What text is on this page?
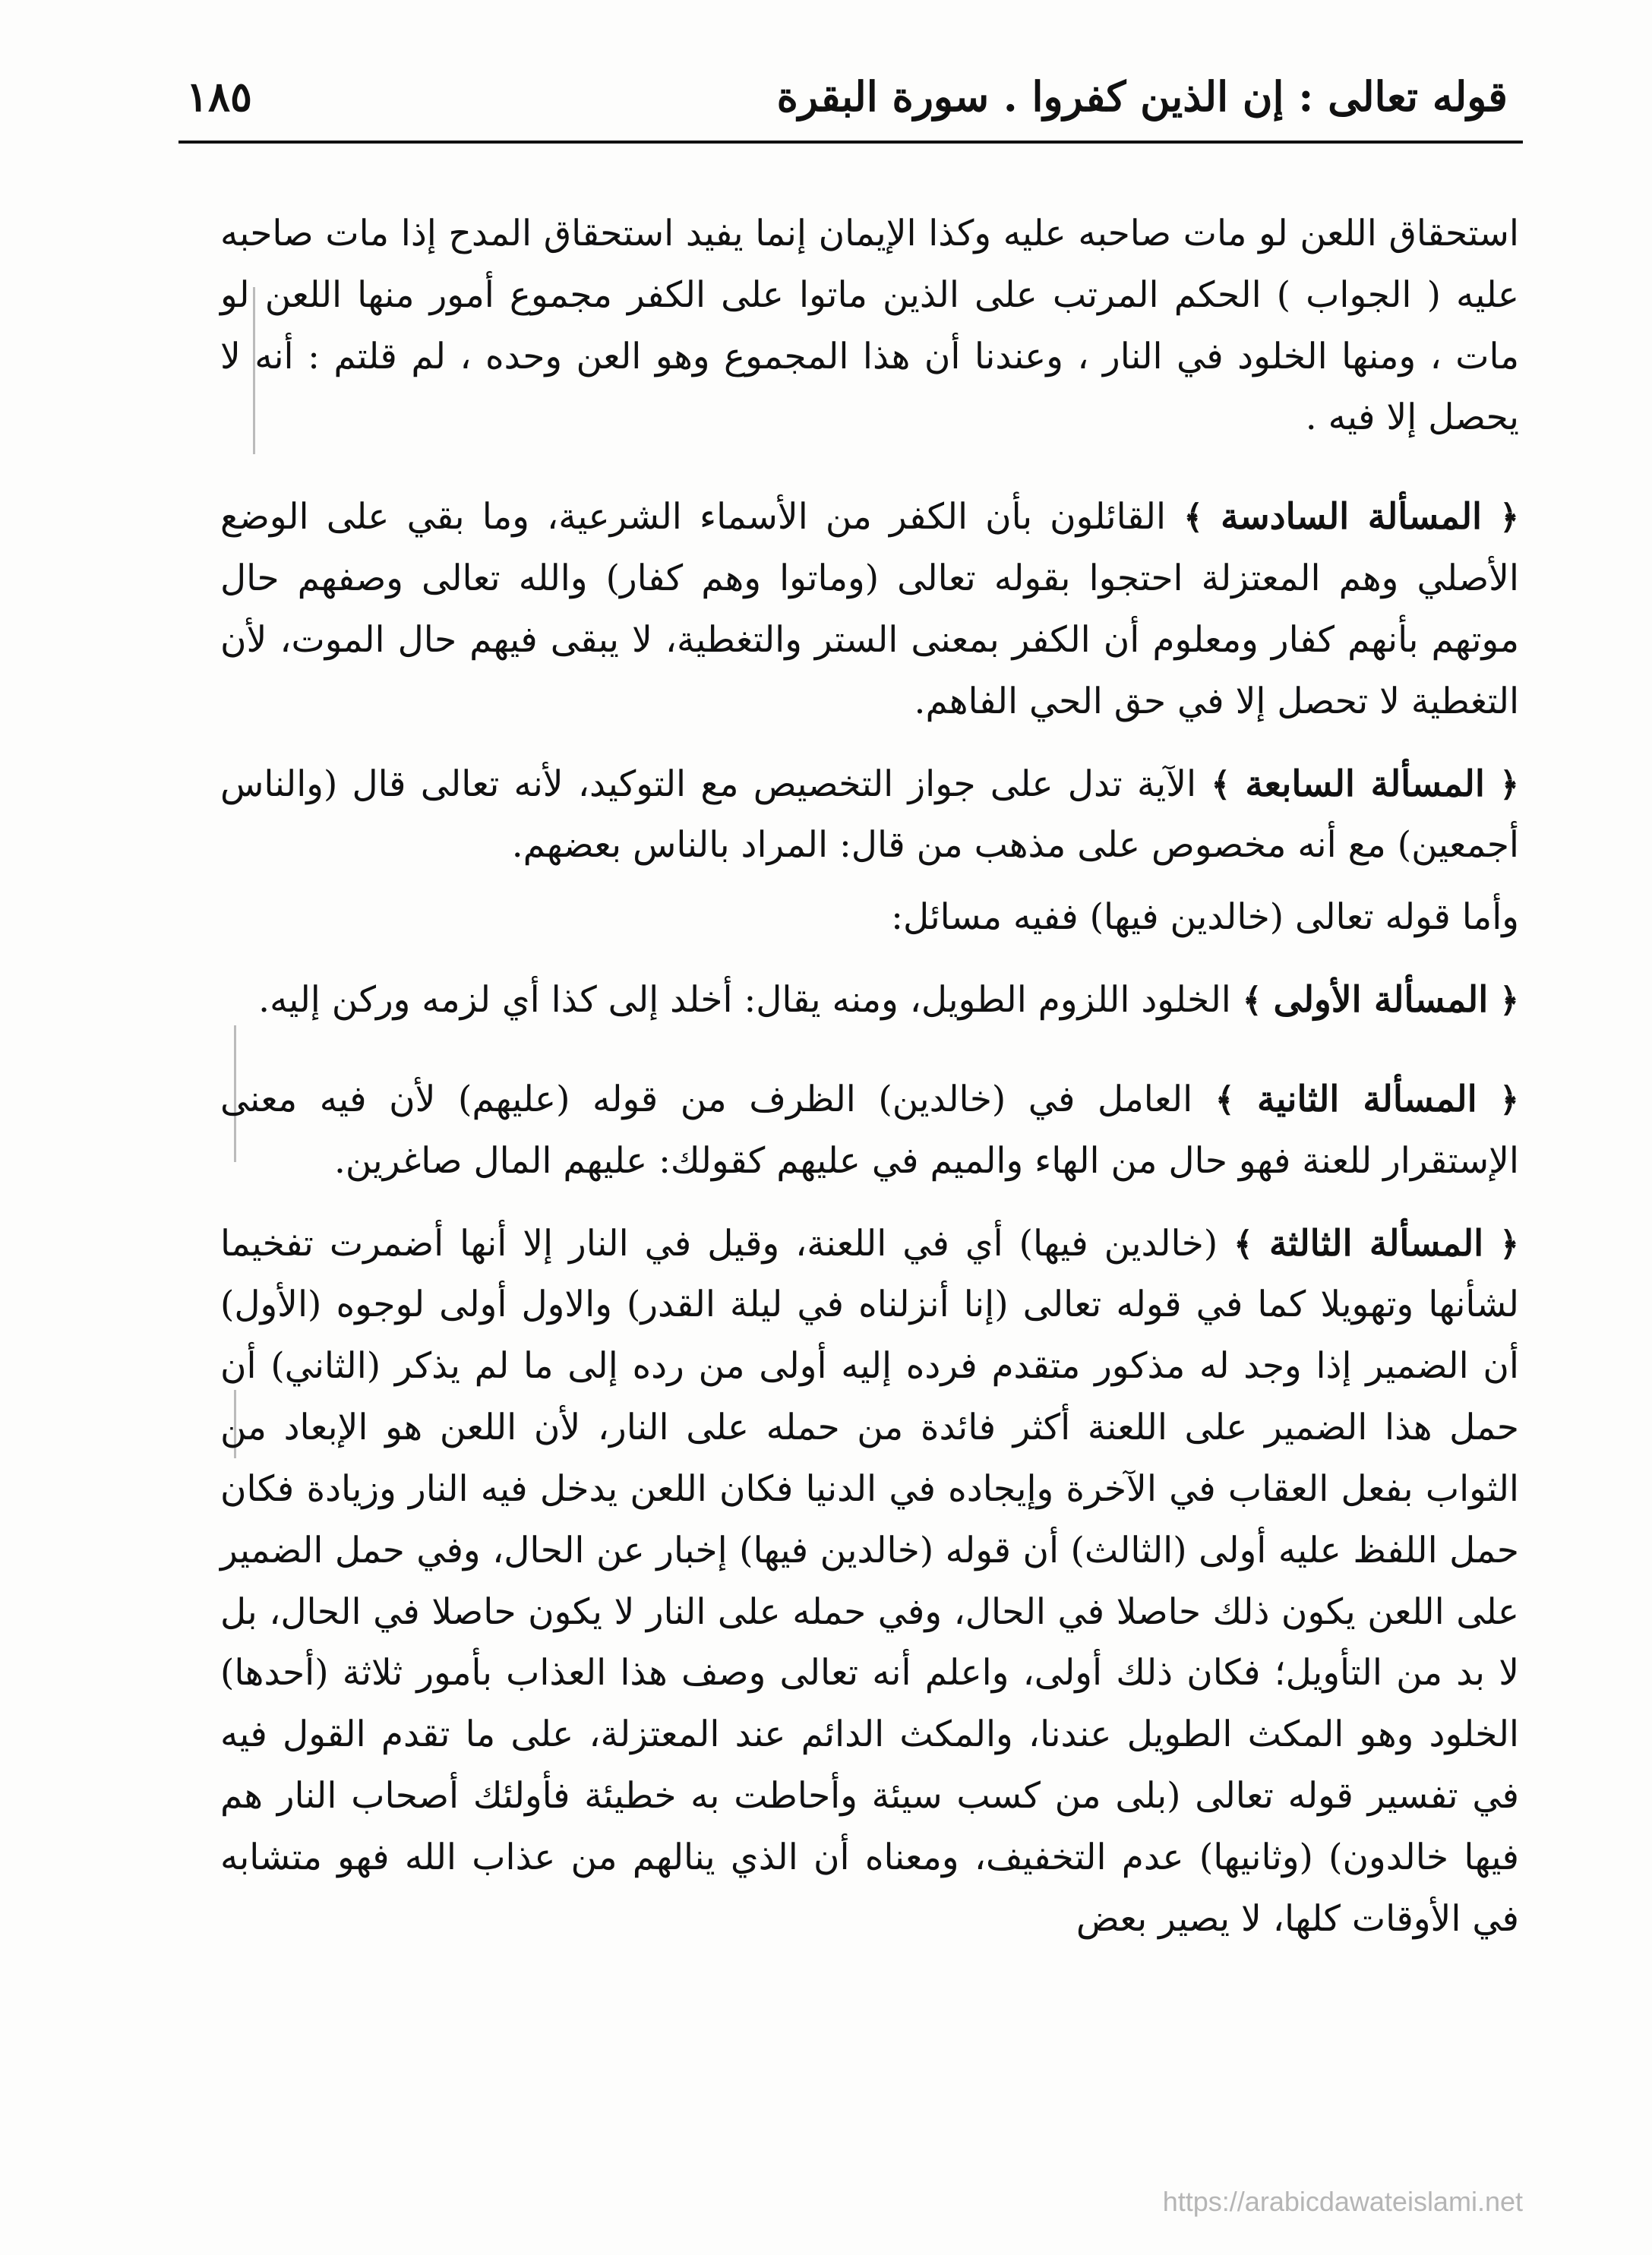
قوله تعالى : إن الذين كفروا . سورة البقرة
١٨٥

استحقاق اللعن لو مات صاحبه عليه وكذا الإيمان إنما يفيد استحقاق المدح إذا مات صاحبه عليه ( الجواب ) الحكم المرتب على الذين ماتوا على الكفر مجموع أمور منها اللعن لو مات ، ومنها الخلود في النار ، وعندنا أن هذا المجموع وهو العن وحده ، لم قلتم : أنه لا يحصل إلا فيه .

﴿ المسألة السادسة ﴾ القائلون بأن الكفر من الأسماء الشرعية، وما بقي على الوضع الأصلي وهم المعتزلة احتجوا بقوله تعالى (وماتوا وهم كفار) والله تعالى وصفهم حال موتهم بأنهم كفار ومعلوم أن الكفر بمعنى الستر والتغطية، لا يبقى فيهم حال الموت، لأن التغطية لا تحصل إلا في حق الحي الفاهم.

﴿ المسألة السابعة ﴾ الآية تدل على جواز التخصيص مع التوكيد، لأنه تعالى قال (والناس أجمعين) مع أنه مخصوص على مذهب من قال: المراد بالناس بعضهم.

وأما قوله تعالى (خالدين فيها) ففيه مسائل:

﴿ المسألة الأولى ﴾ الخلود اللزوم الطويل، ومنه يقال: أخلد إلى كذا أي لزمه وركن إليه.

﴿ المسألة الثانية ﴾ العامل في (خالدين) الظرف من قوله (عليهم) لأن فيه معنى الإستقرار للعنة فهو حال من الهاء والميم في عليهم كقولك: عليهم المال صاغرين.

﴿ المسألة الثالثة ﴾ (خالدين فيها) أي في اللعنة، وقيل في النار إلا أنها أضمرت تفخيما لشأنها وتهويلا كما في قوله تعالى (إنا أنزلناه في ليلة القدر) والاول أولى لوجوه (الأول) أن الضمير إذا وجد له مذكور متقدم فرده إليه أولى من رده إلى ما لم يذكر (الثاني) أن حمل هذا الضمير على اللعنة أكثر فائدة من حمله على النار، لأن اللعن هو الإبعاد من الثواب بفعل العقاب في الآخرة وإيجاده في الدنيا فكان اللعن يدخل فيه النار وزيادة فكان حمل اللفظ عليه أولى (الثالث) أن قوله (خالدين فيها) إخبار عن الحال، وفي حمل الضمير على اللعن يكون ذلك حاصلا في الحال، وفي حمله على النار لا يكون حاصلا في الحال، بل لا بد من التأويل؛ فكان ذلك أولى، واعلم أنه تعالى وصف هذا العذاب بأمور ثلاثة (أحدها) الخلود وهو المكث الطويل عندنا، والمكث الدائم عند المعتزلة، على ما تقدم القول فيه في تفسير قوله تعالى (بلى من كسب سيئة وأحاطت به خطيئة فأولئك أصحاب النار هم فيها خالدون) (وثانيها) عدم التخفيف، ومعناه أن الذي ينالهم من عذاب الله فهو متشابه في الأوقات كلها، لا يصير بعض

https://arabicdawateislami.net
